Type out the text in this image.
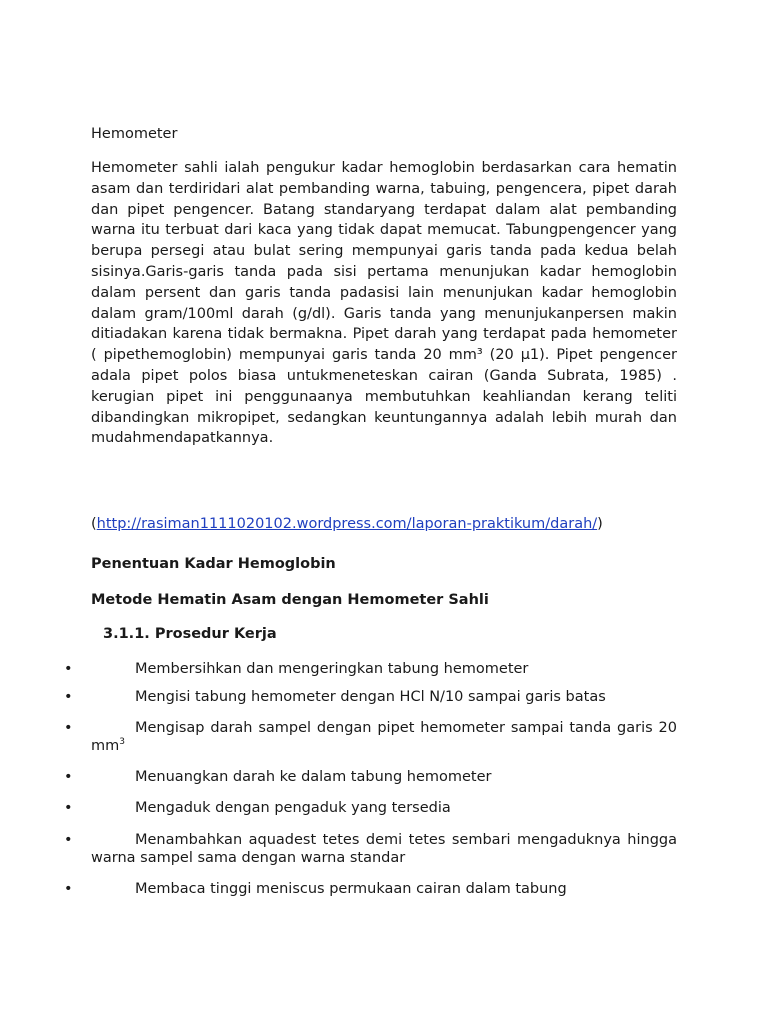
Hemometer
Hemometer sahli ialah pengukur kadar hemoglobin berdasarkan cara hematin asam dan terdiridari alat pembanding warna, tabuing, pengencera, pipet darah dan pipet pengencer. Batang standaryang terdapat dalam alat pembanding warna itu terbuat dari kaca yang tidak dapat memucat. Tabungpengencer yang berupa persegi atau bulat sering mempunyai garis tanda pada kedua belah sisinya.Garis-garis tanda pada sisi pertama menunjukan kadar hemoglobin dalam persent dan garis tanda padasisi lain menunjukan kadar hemoglobin dalam gram/100ml darah (g/dl). Garis tanda yang menunjukanpersen makin ditiadakan karena tidak bermakna. Pipet darah yang terdapat pada hemometer ( pipethemoglobin) mempunyai garis tanda 20 mm³ (20 µ1). Pipet pengencer adala pipet polos biasa untukmeneteskan cairan (Ganda Subrata, 1985) . kerugian pipet ini penggunaanya membutuhkan keahliandan kerang teliti dibandingkan mikropipet, sedangkan keuntungannya adalah lebih murah dan mudahmendapatkannya.
(http://rasiman1111020102.wordpress.com/laporan-praktikum/darah/)
Penentuan Kadar Hemoglobin
Metode Hematin Asam dengan Hemometer Sahli
3.1.1. Prosedur Kerja
•	Membersihkan dan mengeringkan tabung hemometer
•	Mengisi tabung hemometer dengan HCl N/10 sampai garis batas
•	Mengisap darah sampel dengan pipet hemometer sampai tanda garis 20 $mm^3$
•	Menuangkan darah ke dalam tabung hemometer
•	Mengaduk dengan pengaduk yang tersedia
•	Menambahkan aquadest tetes demi tetes sembari mengaduknya hingga warna sampel sama dengan warna standar
•	Membaca tinggi meniscus permukaan cairan dalam tabung
